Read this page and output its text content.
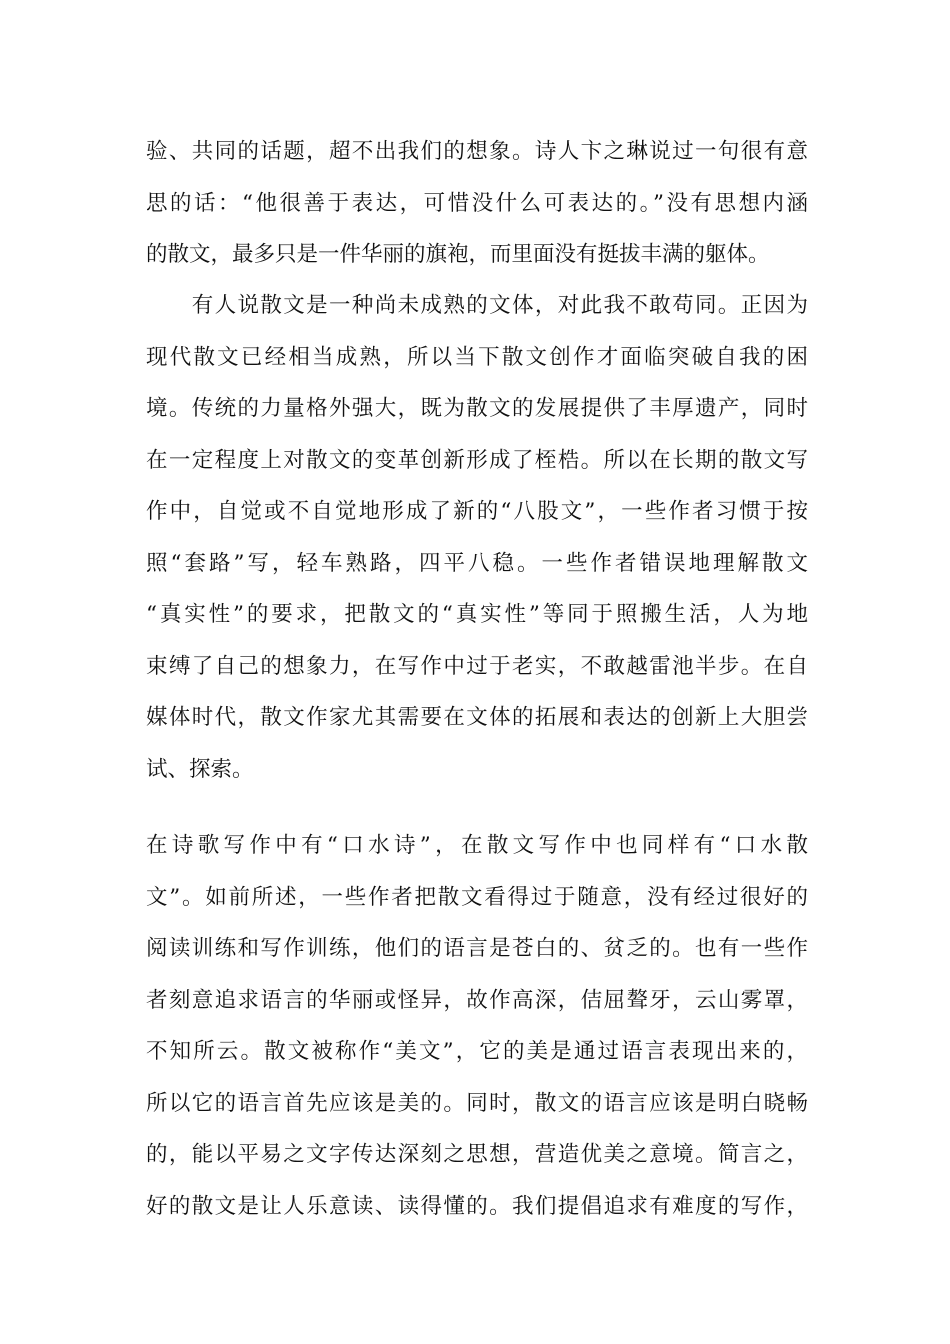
验、共同的话题，超不出我们的想象。诗人卞之琳说过一句很有意
思的话：“他很善于表达，可惜没什么可表达的。”没有思想内涵
的散文，最多只是一件华丽的旗袍，而里面没有挺拔丰满的躯体。
　　有人说散文是一种尚未成熟的文体，对此我不敢苟同。正因为
现代散文已经相当成熟，所以当下散文创作才面临突破自我的困
境。传统的力量格外强大，既为散文的发展提供了丰厚遗产，同时
在一定程度上对散文的变革创新形成了桎梏。所以在长期的散文写
作中，自觉或不自觉地形成了新的“八股文”，一些作者习惯于按
照“套路”写，轻车熟路，四平八稳。一些作者错误地理解散文
“真实性”的要求，把散文的“真实性”等同于照搬生活，人为地
束缚了自己的想象力，在写作中过于老实，不敢越雷池半步。在自
媒体时代，散文作家尤其需要在文体的拓展和表达的创新上大胆尝
试、探索。
在诗歌写作中有“口水诗”，在散文写作中也同样有“口水散
文”。如前所述，一些作者把散文看得过于随意，没有经过很好的
阅读训练和写作训练，他们的语言是苍白的、贫乏的。也有一些作
者刻意追求语言的华丽或怪异，故作高深，佶屈聱牙，云山雾罩，
不知所云。散文被称作“美文”，它的美是通过语言表现出来的，
所以它的语言首先应该是美的。同时，散文的语言应该是明白晓畅
的，能以平易之文字传达深刻之思想，营造优美之意境。简言之，
好的散文是让人乐意读、读得懂的。我们提倡追求有难度的写作，
